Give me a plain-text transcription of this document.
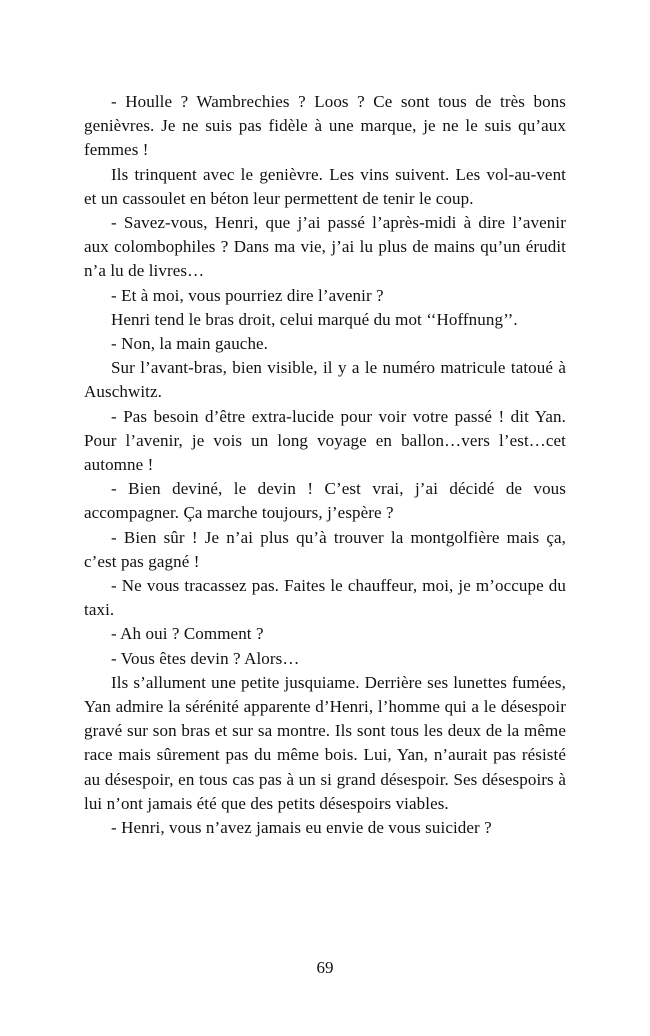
- Houlle ? Wambrechies ? Loos ? Ce sont tous de très bons genièvres. Je ne suis pas fidèle à une marque, je ne le suis qu’aux femmes !

Ils trinquent avec le genièvre. Les vins suivent. Les vol-au-vent et un cassoulet en béton leur permettent de tenir le coup.

- Savez-vous, Henri, que j’ai passé l’après-midi à dire l’avenir aux colombophiles ? Dans ma vie, j’ai lu plus de mains qu’un érudit n’a lu de livres…

- Et à moi, vous pourriez dire l’avenir ?

Henri tend le bras droit, celui marqué du mot ‘‘Hoffnung’’.

- Non, la main gauche.

Sur l’avant-bras, bien visible, il y a le numéro matricule tatoué à Auschwitz.

- Pas besoin d’être extra-lucide pour voir votre passé ! dit Yan. Pour l’avenir, je vois un long voyage en ballon…vers l’est…cet automne !

- Bien deviné, le devin ! C’est vrai, j’ai décidé de vous accompagner. Ça marche toujours, j’espère ?

- Bien sûr ! Je n’ai plus qu’à trouver la montgolfière mais ça, c’est pas gagné !

- Ne vous tracassez pas. Faites le chauffeur, moi, je m’occupe du taxi.

- Ah oui ? Comment ?

- Vous êtes devin ? Alors…

Ils s’allument une petite jusquiame. Derrière ses lunettes fumées, Yan admire la sérénité apparente d’Henri, l’homme qui a le désespoir gravé sur son bras et sur sa montre. Ils sont tous les deux de la même race mais sûrement pas du même bois. Lui, Yan, n’aurait pas résisté au désespoir, en tous cas pas à un si grand désespoir. Ses désespoirs à lui n’ont jamais été que des petits désespoirs viables.

- Henri, vous n’avez jamais eu envie de vous suicider ?

69
